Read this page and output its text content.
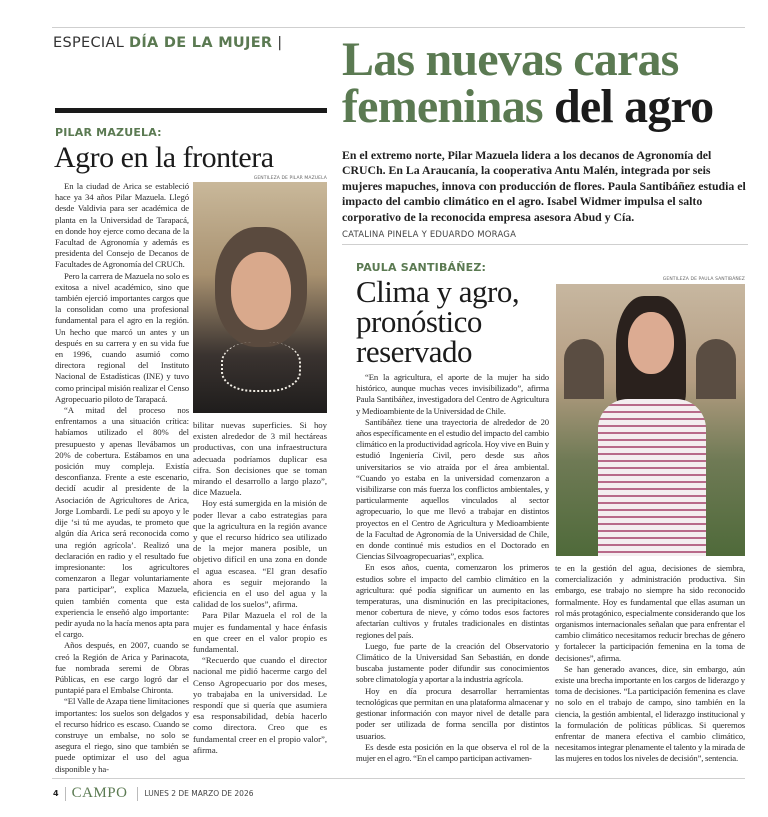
ESPECIAL DÍA DE LA MUJER | Las nuevas caras femeninas del agro
En el extremo norte, Pilar Mazuela lidera a los decanos de Agronomía del CRUCh. En La Araucanía, la cooperativa Antu Malén, integrada por seis mujeres mapuches, innova con producción de flores. Paula Santibáñez estudia el impacto del cambio climático en el agro. Isabel Widmer impulsa el salto corporativo de la reconocida empresa asesora Abud y Cía.
CATALINA PINELA Y EDUARDO MORAGA
PILAR MAZUELA:
Agro en la frontera
GENTILEZA DE PILAR MAZUELA

En la ciudad de Arica se estableció hace ya 34 años Pilar Mazuela. Llegó desde Valdivia para ser académica de planta en la Universidad de Tarapacá, en donde hoy ejerce como decana de la Facultad de Agronomía y además es presidenta del Consejo de Decanos de Facultades de Agronomía del CRUCh.

Pero la carrera de Mazuela no solo es exitosa a nivel académico, sino que también ejerció importantes cargos que la consolidan como una profesional fundamental para el agro en la región. Un hecho que marcó un antes y un después en su carrera y en su vida fue en 1996, cuando asumió como directora regional del Instituto Nacional de Estadísticas (INE) y tuvo como principal misión realizar el Censo Agropecuario piloto de Tarapacá.

“A mitad del proceso nos enfrentamos a una situación crítica: habíamos utilizado el 80% del presupuesto y apenas llevábamos un 20% de cobertura. Estábamos en una posición muy compleja. Existía desconfianza. Frente a este escenario, decidí acudir al presidente de la Asociación de Agricultores de Arica, Jorge Lombardi. Le pedí su apoyo y le dije ‘si tú me ayudas, te prometo que algún día Arica será reconocida como una región agrícola’. Realizó una declaración en radio y el resultado fue impresionante: los agricultores comenzaron a llegar voluntariamente para participar”, explica Mazuela, quien también comenta que esta experiencia le enseñó algo importante: pedir ayuda no la hacía menos apta para el cargo.

Años después, en 2007, cuando se creó la Región de Arica y Parinacota, fue nombrada seremi de Obras Públicas, en ese cargo logró dar el puntapié para el Embalse Chironta.

“El Valle de Azapa tiene limitaciones importantes: los suelos son delgados y el recurso hídrico es escaso. Cuando se construye un embalse, no solo se asegura el riego, sino que también se puede optimizar el uso del agua disponible y ha-

bilitar nuevas superficies. Si hoy existen alrededor de 3 mil hectáreas productivas, con una infraestructura adecuada podríamos duplicar esa cifra. Son decisiones que se toman mirando el desarrollo a largo plazo”, dice Mazuela.

Hoy está sumergida en la misión de poder llevar a cabo estrategias para que la agricultura en la región avance y que el recurso hídrico sea utilizado de la mejor manera posible, un objetivo difícil en una zona en donde el agua escasea. “El gran desafío ahora es seguir mejorando la eficiencia en el uso del agua y la calidad de los suelos”, afirma.

Para Pilar Mazuela el rol de la mujer es fundamental y hace énfasis en que creer en el valor propio es fundamental.

“Recuerdo que cuando el director nacional me pidió hacerme cargo del Censo Agropecuario por dos meses, yo trabajaba en la universidad. Le respondí que si quería que asumiera esa responsabilidad, debía hacerlo como directora. Creo que es fundamental creer en el propio valor”, afirma.

PAULA SANTIBÁÑEZ:
Clima y agro, pronóstico reservado

“En la agricultura, el aporte de la mujer ha sido histórico, aunque muchas veces invisibilizado”, afirma Paula Santibáñez, investigadora del Centro de Agricultura y Medioambiente de la Universidad de Chile.

Santibáñez tiene una trayectoria de alrededor de 20 años específicamente en el estudio del impacto del cambio climático en la productividad agrícola. Hoy vive en Buin y estudió Ingeniería Civil, pero desde sus años universitarios se vio atraída por el área ambiental. “Cuando yo estaba en la universidad comenzaron a visibilizarse con más fuerza los conflictos ambientales, y particularmente aquellos vinculados al sector agropecuario, lo que me llevó a trabajar en distintos proyectos en el Centro de Agricultura y Medioambiente de la Facultad de Agronomía de la Universidad de Chile, en donde continué mis estudios en el Doctorado en Ciencias Silvoagropecuarias”, explica.

En esos años, cuenta, comenzaron los primeros estudios sobre el impacto del cambio climático en la agricultura: qué podía significar un aumento en las temperaturas, una disminución en las precipitaciones, menor cobertura de nieve, y cómo todos esos factores afectarían cultivos y frutales tradicionales en distintas regiones del país.

Luego, fue parte de la creación del Observatorio Climático de la Universidad San Sebastián, en donde buscaba justamente poder difundir sus conocimientos sobre climatología y aportar a la industria agrícola.

Hoy en día procura desarrollar herramientas tecnológicas que permitan en una plataforma almacenar y gestionar información con mayor nivel de detalle para poder ser utilizada de forma sencilla por distintos usuarios.

Es desde esta posición en la que observa el rol de la mujer en el agro. “En el campo participan activamen-

GENTILEZA DE PAULA SANTIBÁÑEZ
te en la gestión del agua, decisiones de siembra, comercialización y administración productiva. Sin embargo, ese trabajo no siempre ha sido reconocido formalmente. Hoy es fundamental que ellas asuman un rol más protagónico, especialmente considerando que los organismos internacionales señalan que para enfrentar el cambio climático necesitamos reducir brechas de género y fortalecer la participación femenina en la toma de decisiones”, afirma.

Se han generado avances, dice, sin embargo, aún existe una brecha importante en los cargos de liderazgo y toma de decisiones. “La participación femenina es clave no solo en el trabajo de campo, sino también en la ciencia, la gestión ambiental, el liderazgo institucional y la formulación de políticas públicas. Si queremos enfrentar de manera efectiva el cambio climático, necesitamos integrar plenamente el talento y la mirada de las mujeres en todos los niveles de decisión”, sentencia.

4 CAMPO LUNES 2 DE MARZO DE 2026
